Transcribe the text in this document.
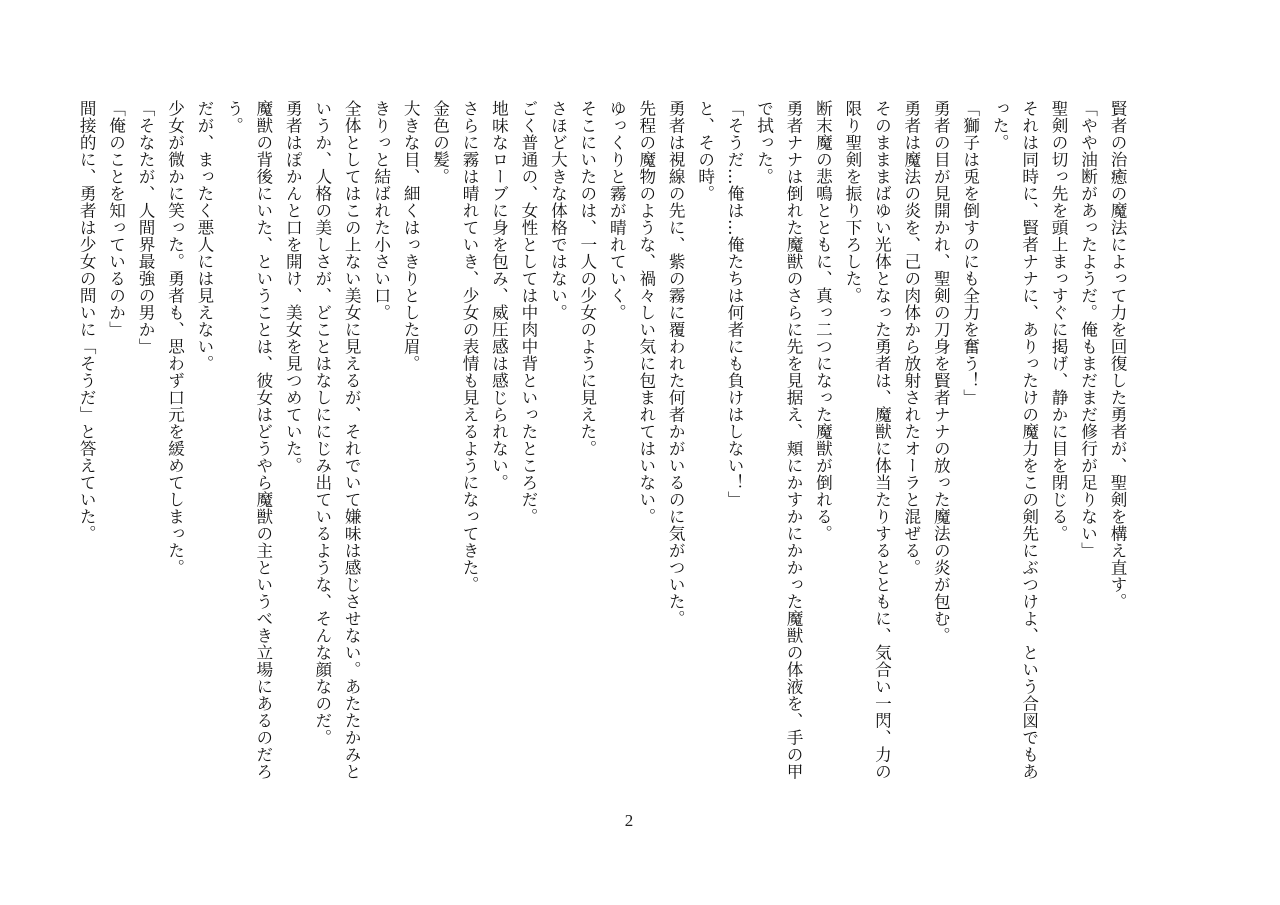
賢者の治癒の魔法によって力を回復した勇者が、聖剣を構え直す。
「やや油断があったようだ。俺もまだまだ修行が足りない」
聖剣の切っ先を頭上まっすぐに掲げ、静かに目を閉じる。
それは同時に、賢者ナナに、ありったけの魔力をこの剣先にぶつけよ、という合図でもあ
った。
「獅子は兎を倒すのにも全力を奮う！」
勇者の目が見開かれ、聖剣の刀身を賢者ナナの放った魔法の炎が包む。
勇者は魔法の炎を、己の肉体から放射されたオーラと混ぜる。
そのまままばゆい光体となった勇者は、魔獣に体当たりするとともに、気合い一閃、力の
限り聖剣を振り下ろした。
断末魔の悲鳴とともに、真っ二つになった魔獣が倒れる。
勇者ナナは倒れた魔獣のさらに先を見据え、頬にかすかにかかった魔獣の体液を、手の甲
で拭った。
「そうだ…俺は…俺たちは何者にも負けはしない！」
と、その時。
勇者は視線の先に、紫の霧に覆われた何者かがいるのに気がついた。
先程の魔物のような、禍々しい気に包まれてはいない。
ゆっくりと霧が晴れていく。
そこにいたのは、一人の少女のように見えた。
さほど大きな体格ではない。
ごく普通の、女性としては中肉中背といったところだ。
地味なローブに身を包み、威圧感は感じられない。
さらに霧は晴れていき、少女の表情も見えるようになってきた。
金色の髪。
大きな目、細くはっきりとした眉。
きりっと結ばれた小さい口。
全体としてはこの上ない美女に見えるが、それでいて嫌味は感じさせない。あたたかみと
いうか、人格の美しさが、どことはなしににじみ出ているような、そんな顔なのだ。
勇者はぽかんと口を開け、美女を見つめていた。
魔獣の背後にいた、ということは、彼女はどうやら魔獣の主というべき立場にあるのだろ
う。
だが、まったく悪人には見えない。
少女が微かに笑った。勇者も、思わず口元を緩めてしまった。
「そなたが、人間界最強の男か」
「俺のことを知っているのか」
間接的に、勇者は少女の問いに「そうだ」と答えていた。
2
